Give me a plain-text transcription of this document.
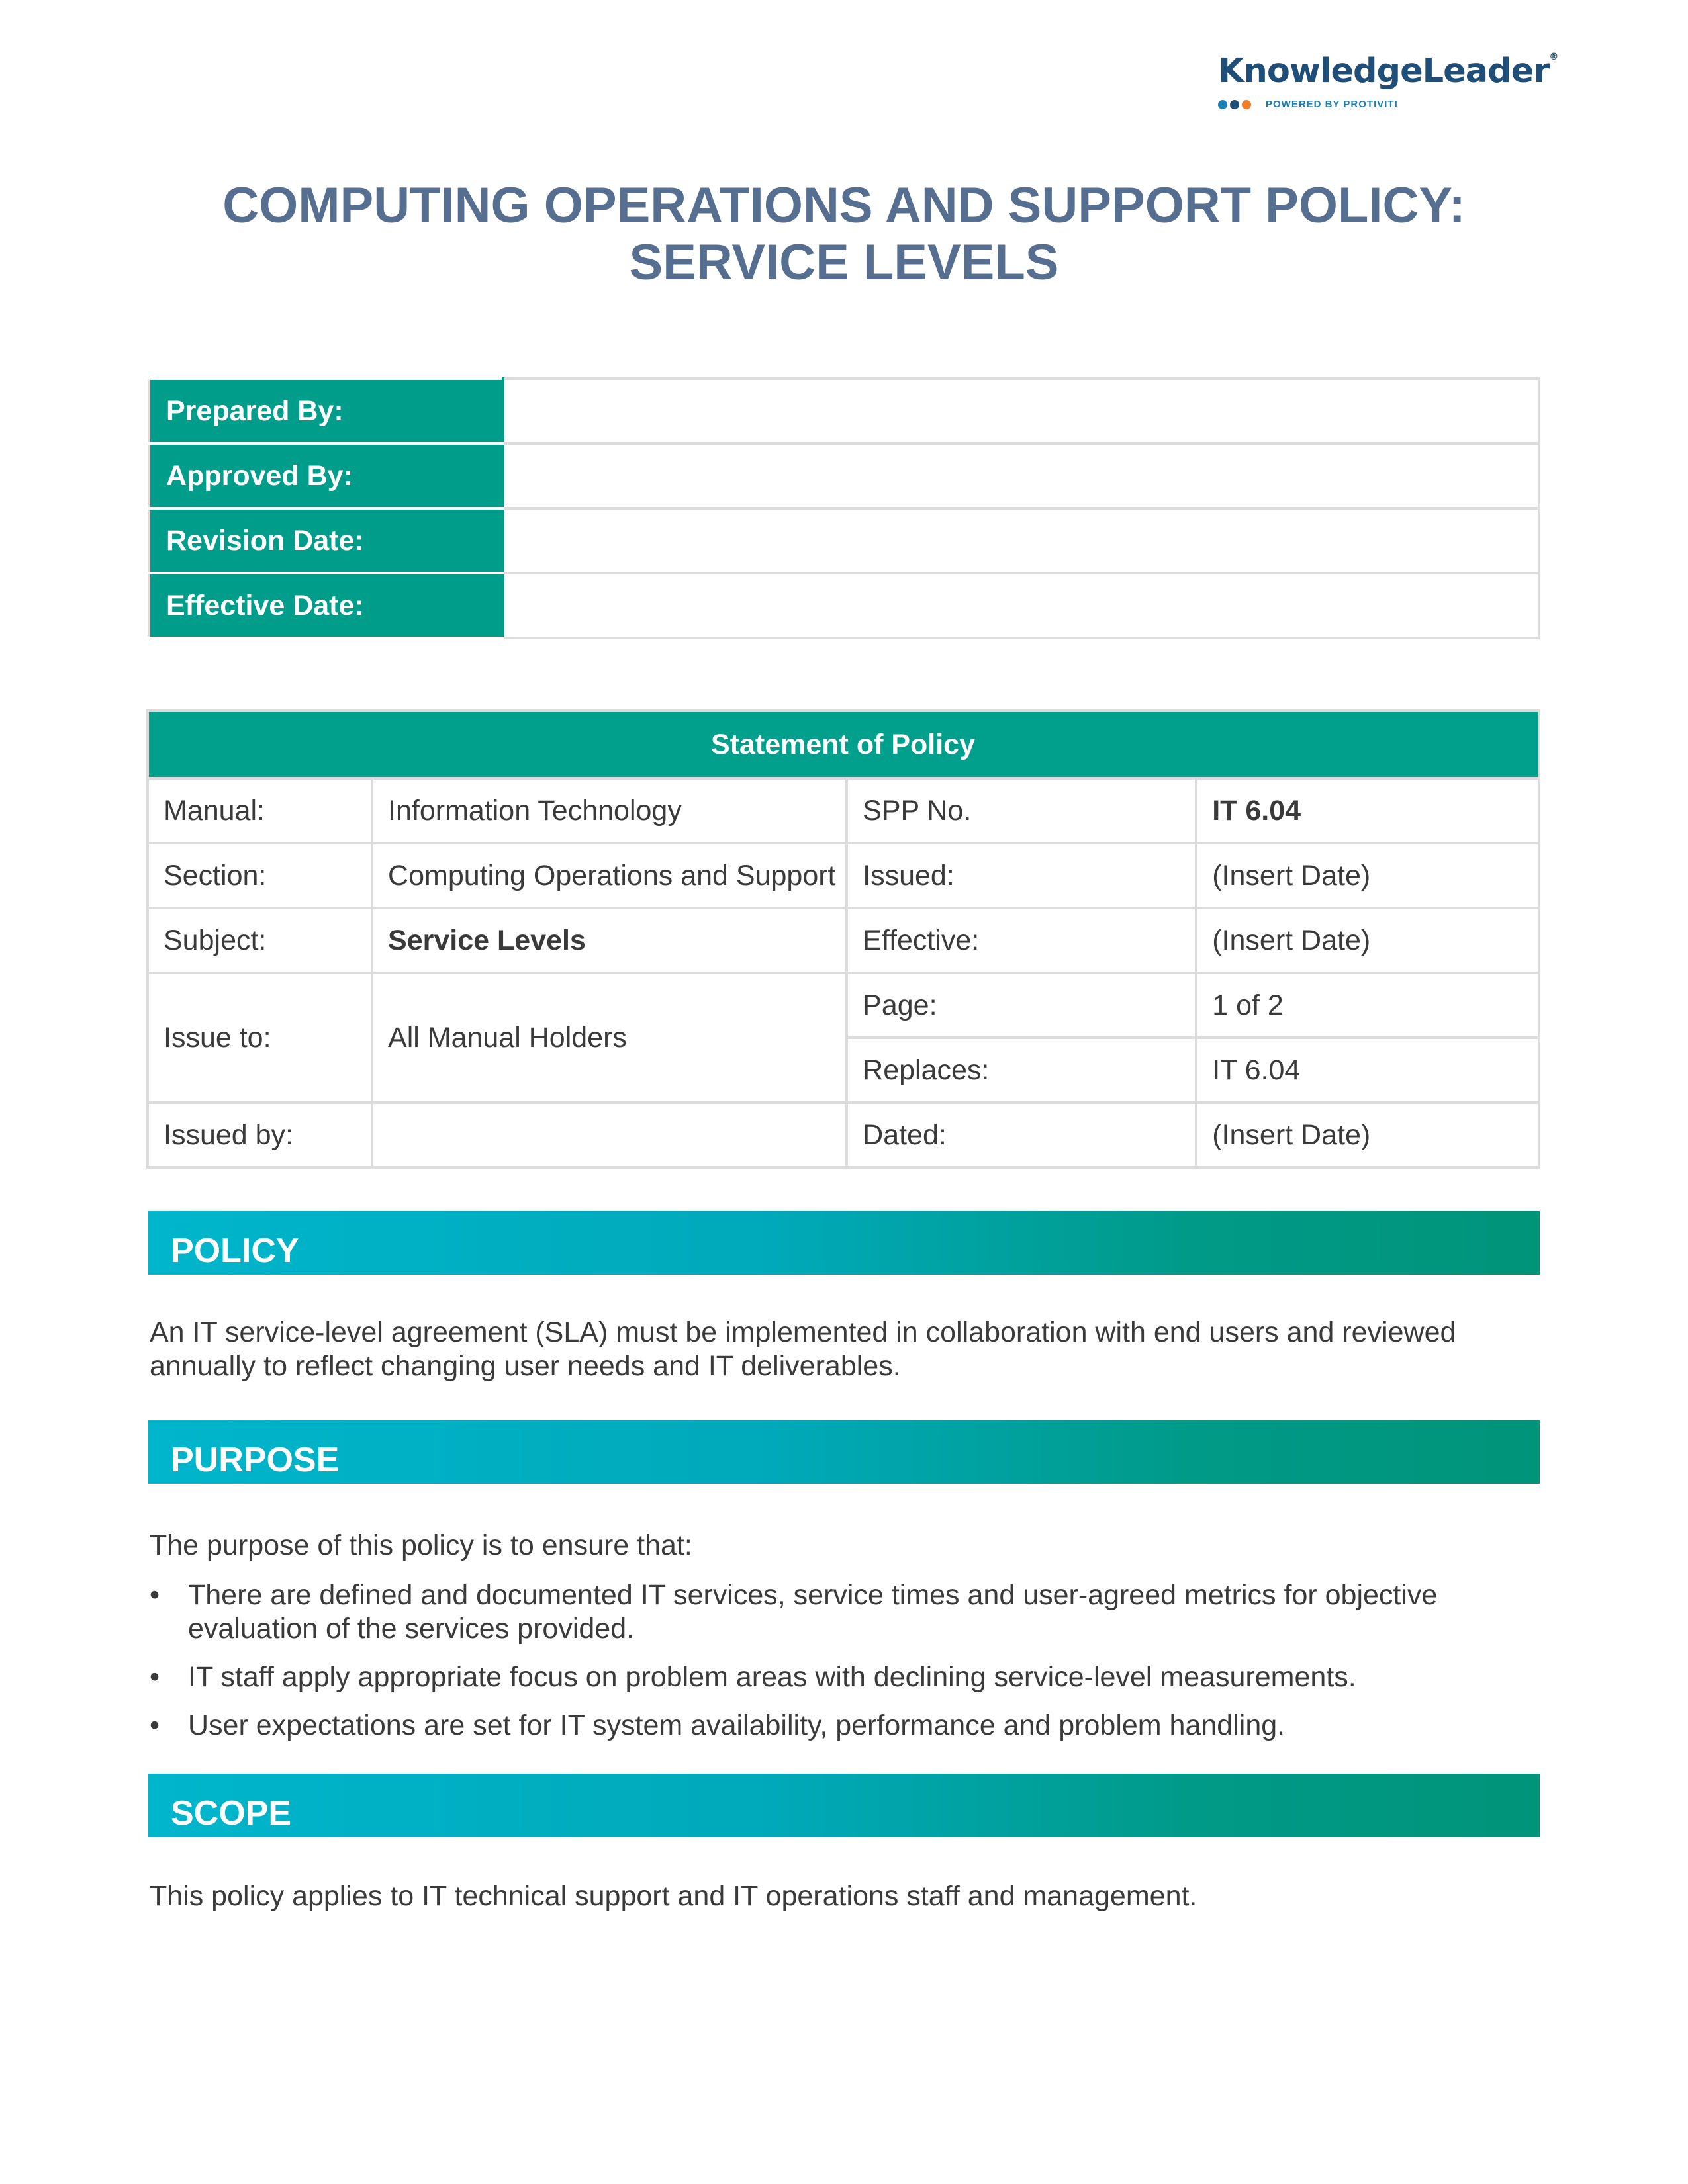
KnowledgeLeader®
POWERED BY PROTIVITI
COMPUTING OPERATIONS AND SUPPORT POLICY:
SERVICE LEVELS
Prepared By:	
Approved By:	
Revision Date:	
Effective Date:	
Statement of Policy			
Manual:	Information Technology	SPP No.	IT 6.04
Section:	Computing Operations and Support	Issued:	(Insert Date)
Subject:	Service Levels	Effective:	(Insert Date)
Issue to:	All Manual Holders	Page:	1 of 2
		Replaces:	IT 6.04
Issued by:		Dated:	(Insert Date)
POLICY
An IT service-level agreement (SLA) must be implemented in collaboration with end users and reviewed annually to reflect changing user needs and IT deliverables.
PURPOSE
The purpose of this policy is to ensure that:
• There are defined and documented IT services, service times and user-agreed metrics for objective evaluation of the services provided.
• IT staff apply appropriate focus on problem areas with declining service-level measurements.
• User expectations are set for IT system availability, performance and problem handling.
SCOPE
This policy applies to IT technical support and IT operations staff and management.
